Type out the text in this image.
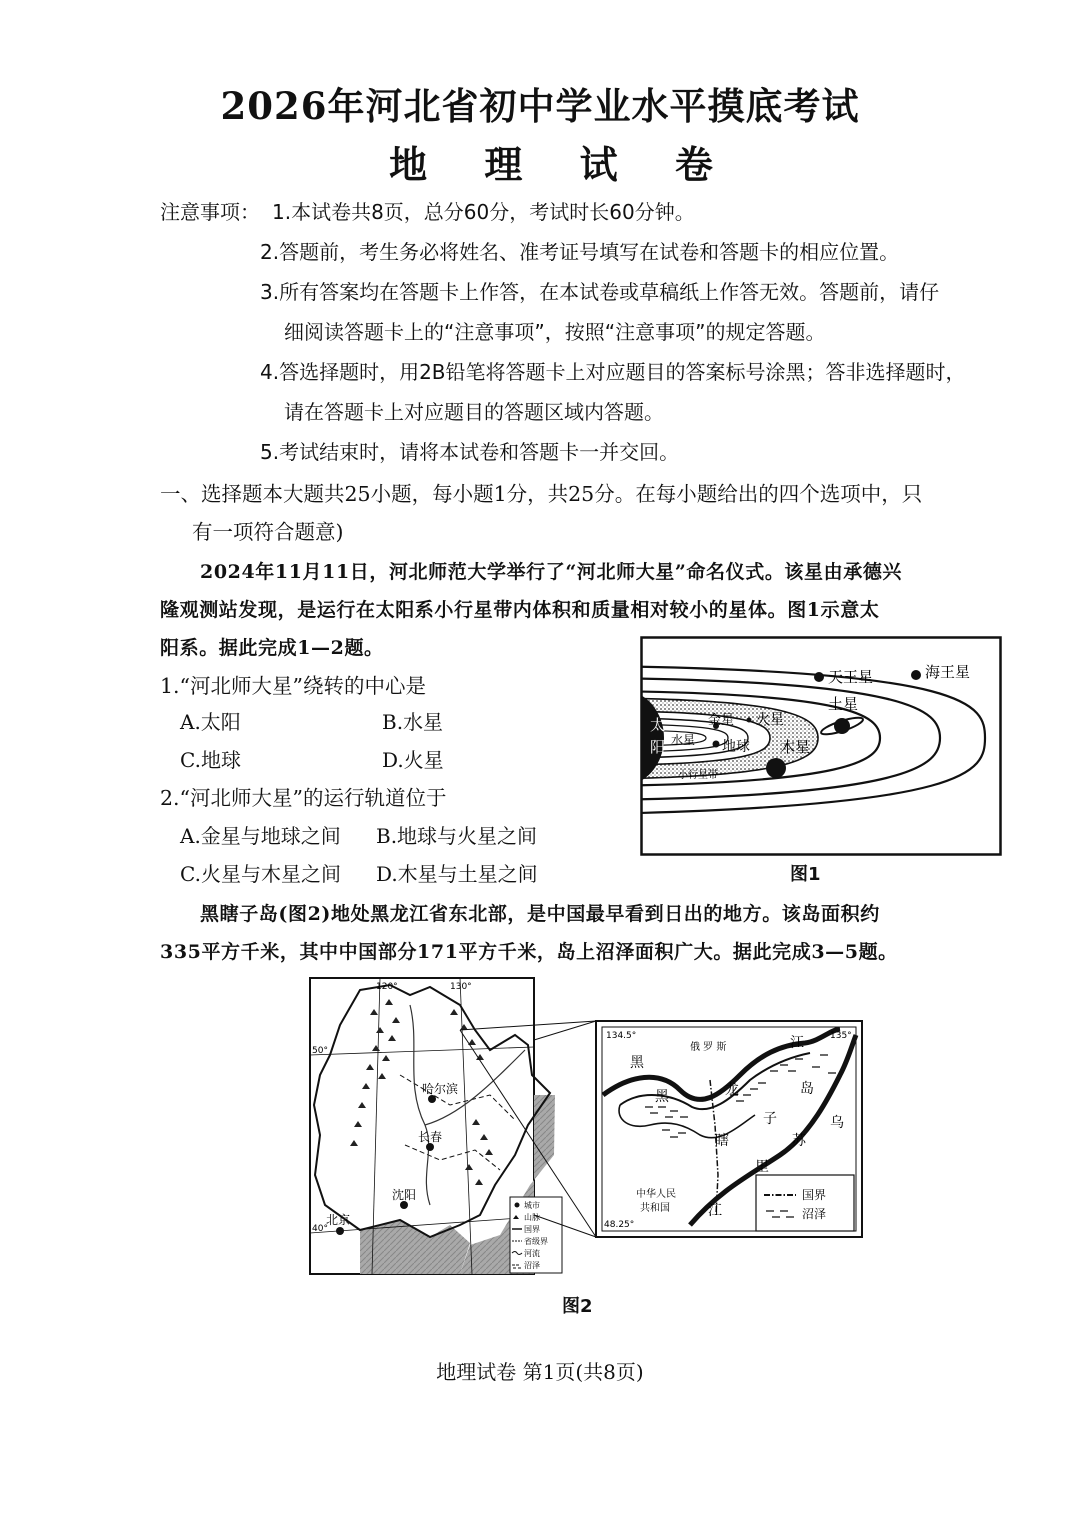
2026年河北省初中学业水平摸底考试
地 理 试 卷
注意事项： 1.本试卷共8页，总分60分，考试时长60分钟。
2.答题前，考生务必将姓名、准考证号填写在试卷和答题卡的相应位置。
3.所有答案均在答题卡上作答，在本试卷或草稿纸上作答无效。答题前，请仔
细阅读答题卡上的“注意事项”，按照“注意事项”的规定答题。
4.答选择题时，用2B铅笔将答题卡上对应题目的答案标号涂黑；答非选择题时，
请在答题卡上对应题目的答题区域内答题。
5.考试结束时，请将本试卷和答题卡一并交回。
一、选择题本大题共25小题，每小题1分，共25分。在每小题给出的四个选项中，只
有一项符合题意)
2024年11月11日，河北师范大学举行了“河北师大星”命名仪式。该星由承德兴
隆观测站发现，是运行在太阳系小行星带内体积和质量相对较小的星体。图1示意太
阳系。据此完成1—2题。
1.“河北师大星”绕转的中心是
A.太阳	B.水星
C.地球	D.火星
2.“河北师大星”的运行轨道位于
A.金星与地球之间 B.地球与火星之间
C.火星与木星之间 D.木星与土星之间
太
阳 水星
金星
地球
火星
小行星带
木星
土星
天王星	海王星
图1
黑瞎子岛(图2)地处黑龙江省东北部，是中国最早看到日出的地方。该岛面积约
335平方千米，其中中国部分171平方千米，岛上沼泽面积广大。据此完成3—5题。
哈尔滨
长春
沈阳
北京
120°	130°
50°
40°
城市
山脉
国界
省级界
河流
沼泽
134.5°	135°
48.25°
俄 罗 斯	江
黑
龙	岛
黑
瞎
子
苏
乌
里
江
中华人民
共和国
国界
沼泽
图2
地理试卷 第1页(共8页)
